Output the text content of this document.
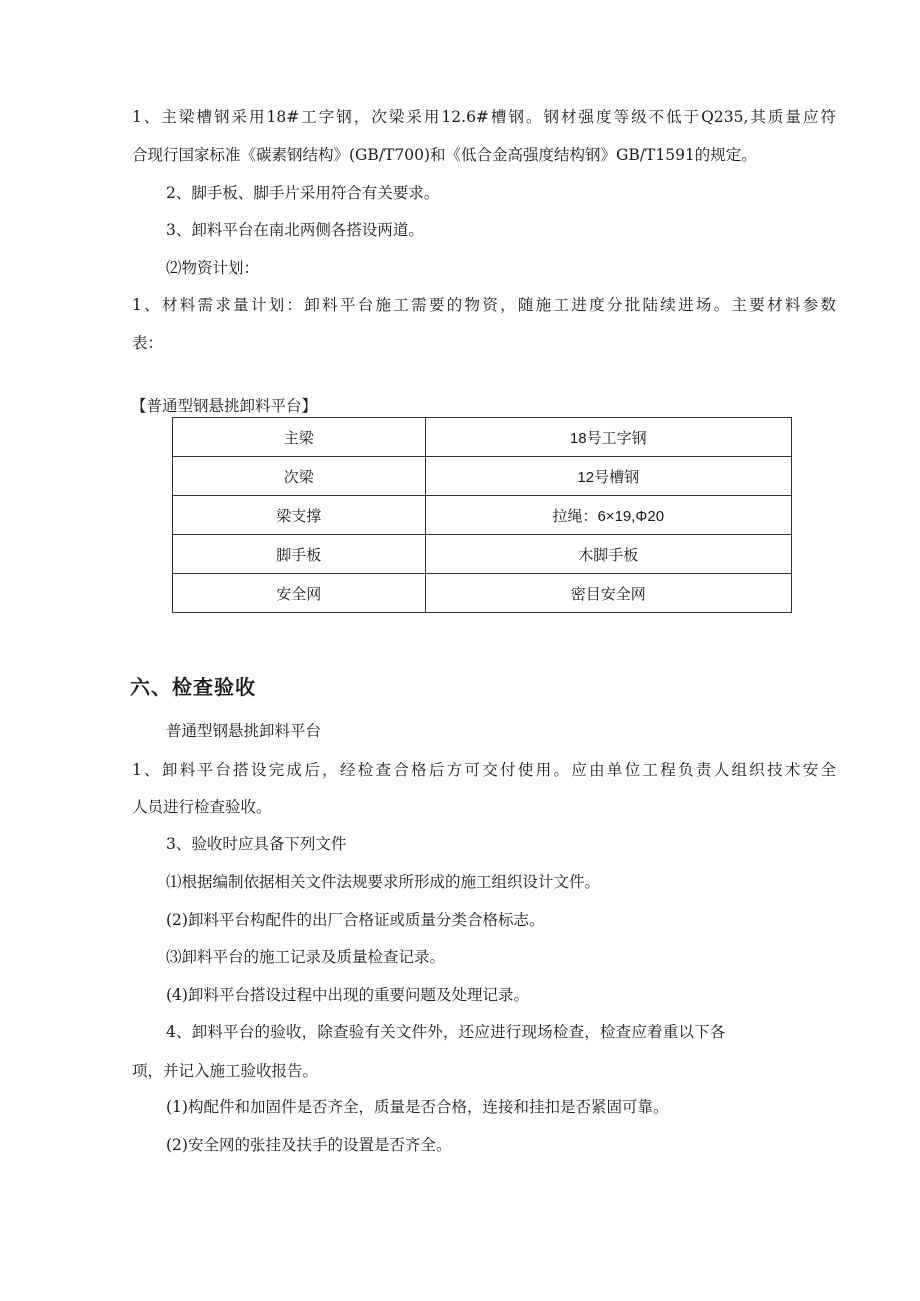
1、主梁槽钢采用18#工字钢，次梁采用12.6#槽钢。钢材强度等级不低于Q235,其质量应符

合现行国家标准《碳素钢结构》(GB/T700)和《低合金高强度结构钢》GB/T1591的规定。

2、脚手板、脚手片采用符合有关要求。

3、卸料平台在南北两侧各搭设两道。

⑵物资计划：

1、材料需求量计划：卸料平台施工需要的物资，随施工进度分批陆续进场。主要材料参数

表：

【普通型钢悬挑卸料平台】
主梁	18号工字钢
次梁	12号槽钢
梁支撑	拉绳：6×19,Φ20
脚手板	木脚手板
安全网	密目安全网
六、检查验收

普通型钢悬挑卸料平台

1、卸料平台搭设完成后，经检查合格后方可交付使用。应由单位工程负责人组织技术安全

人员进行检查验收。

3、验收时应具备下列文件

⑴根据编制依据相关文件法规要求所形成的施工组织设计文件。

(2)卸料平台构配件的出厂合格证或质量分类合格标志。

⑶卸料平台的施工记录及质量检查记录。

(4)卸料平台搭设过程中出现的重要问题及处理记录。

4、卸料平台的验收，除查验有关文件外，还应进行现场检查，检查应着重以下各

项，并记入施工验收报告。

(1)构配件和加固件是否齐全，质量是否合格，连接和挂扣是否紧固可靠。

(2)安全网的张挂及扶手的设置是否齐全。
